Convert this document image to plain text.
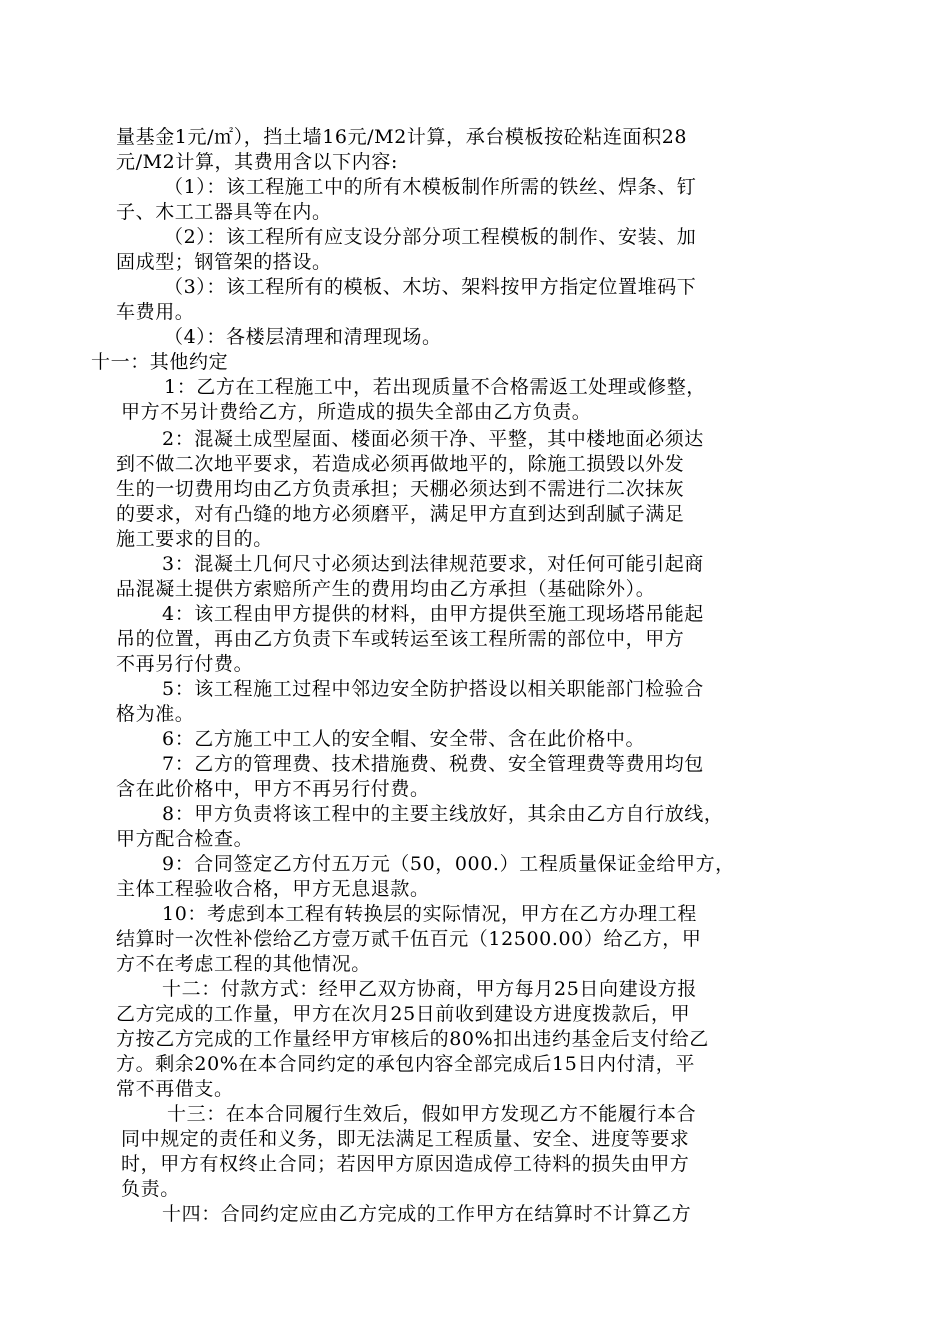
量基金1元/㎡），挡土墙16元/M2计算，承台模板按砼粘连面积28

元/M2计算，其费用含以下内容:

（1）：该工程施工中的所有木模板制作所需的铁丝、焊条、钉

子、木工工器具等在内。

（2）：该工程所有应支设分部分项工程模板的制作、安装、加

固成型；钢管架的搭设。

（3）：该工程所有的模板、木坊、架料按甲方指定位置堆码下

车费用。

（4）：各楼层清理和清理现场。

十一：其他约定

1：乙方在工程施工中，若出现质量不合格需返工处理或修整，

甲方不另计费给乙方，所造成的损失全部由乙方负责。

2：混凝土成型屋面、楼面必须干净、平整，其中楼地面必须达

到不做二次地平要求，若造成必须再做地平的，除施工损毁以外发

生的一切费用均由乙方负责承担；天棚必须达到不需进行二次抹灰

的要求，对有凸缝的地方必须磨平，满足甲方直到达到刮腻子满足

施工要求的目的。

3：混凝土几何尺寸必须达到法律规范要求，对任何可能引起商

品混凝土提供方索赔所产生的费用均由乙方承担（基础除外）。

4：该工程由甲方提供的材料，由甲方提供至施工现场塔吊能起

吊的位置，再由乙方负责下车或转运至该工程所需的部位中，甲方

不再另行付费。

5：该工程施工过程中邻边安全防护搭设以相关职能部门检验合

格为准。

6：乙方施工中工人的安全帽、安全带、含在此价格中。

7：乙方的管理费、技术措施费、税费、安全管理费等费用均包

含在此价格中，甲方不再另行付费。

8：甲方负责将该工程中的主要主线放好，其余由乙方自行放线，

甲方配合检查。

9：合同签定乙方付五万元（50，000.）工程质量保证金给甲方，

主体工程验收合格，甲方无息退款。

10：考虑到本工程有转换层的实际情况，甲方在乙方办理工程

结算时一次性补偿给乙方壹万贰千伍百元（12500.00）给乙方，甲

方不在考虑工程的其他情况。

十二：付款方式：经甲乙双方协商，甲方每月25日向建设方报

乙方完成的工作量，甲方在次月25日前收到建设方进度拨款后，甲

方按乙方完成的工作量经甲方审核后的80%扣出违约基金后支付给乙

方。剩余20%在本合同约定的承包内容全部完成后15日内付清，平

常不再借支。

十三：在本合同履行生效后，假如甲方发现乙方不能履行本合

同中规定的责任和义务，即无法满足工程质量、安全、进度等要求

时，甲方有权终止合同；若因甲方原因造成停工待料的损失由甲方

负责。

十四：合同约定应由乙方完成的工作甲方在结算时不计算乙方
